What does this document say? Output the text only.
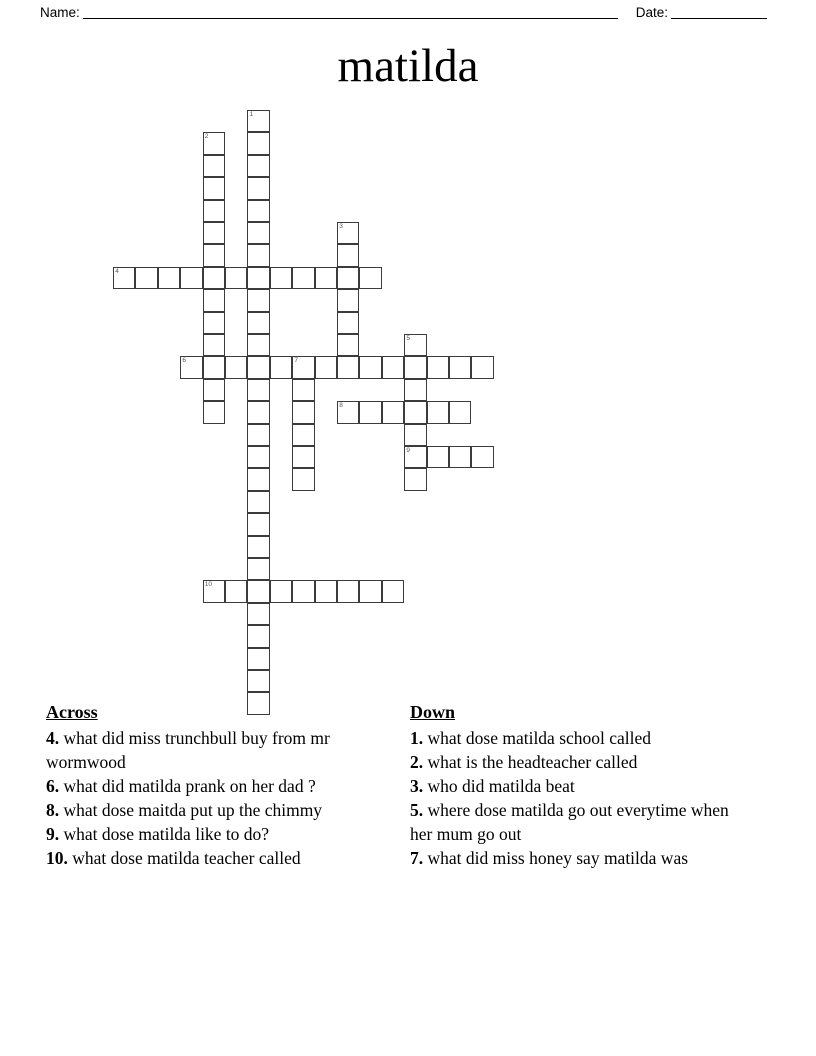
Name:	Date:
matilda
2
1
3
4
5
6	7
8
9
10
Across
4. what did miss trunchbull buy from mr wormwood
6. what did matilda prank on her dad ?
8. what dose maitda put up the chimmy
9. what dose matilda like to do?
10. what dose matilda teacher called
Down
1. what dose matilda school called
2. what is the headteacher called
3. who did matilda beat
5. where dose matilda go out everytime when her mum go out
7. what did miss honey say matilda was
